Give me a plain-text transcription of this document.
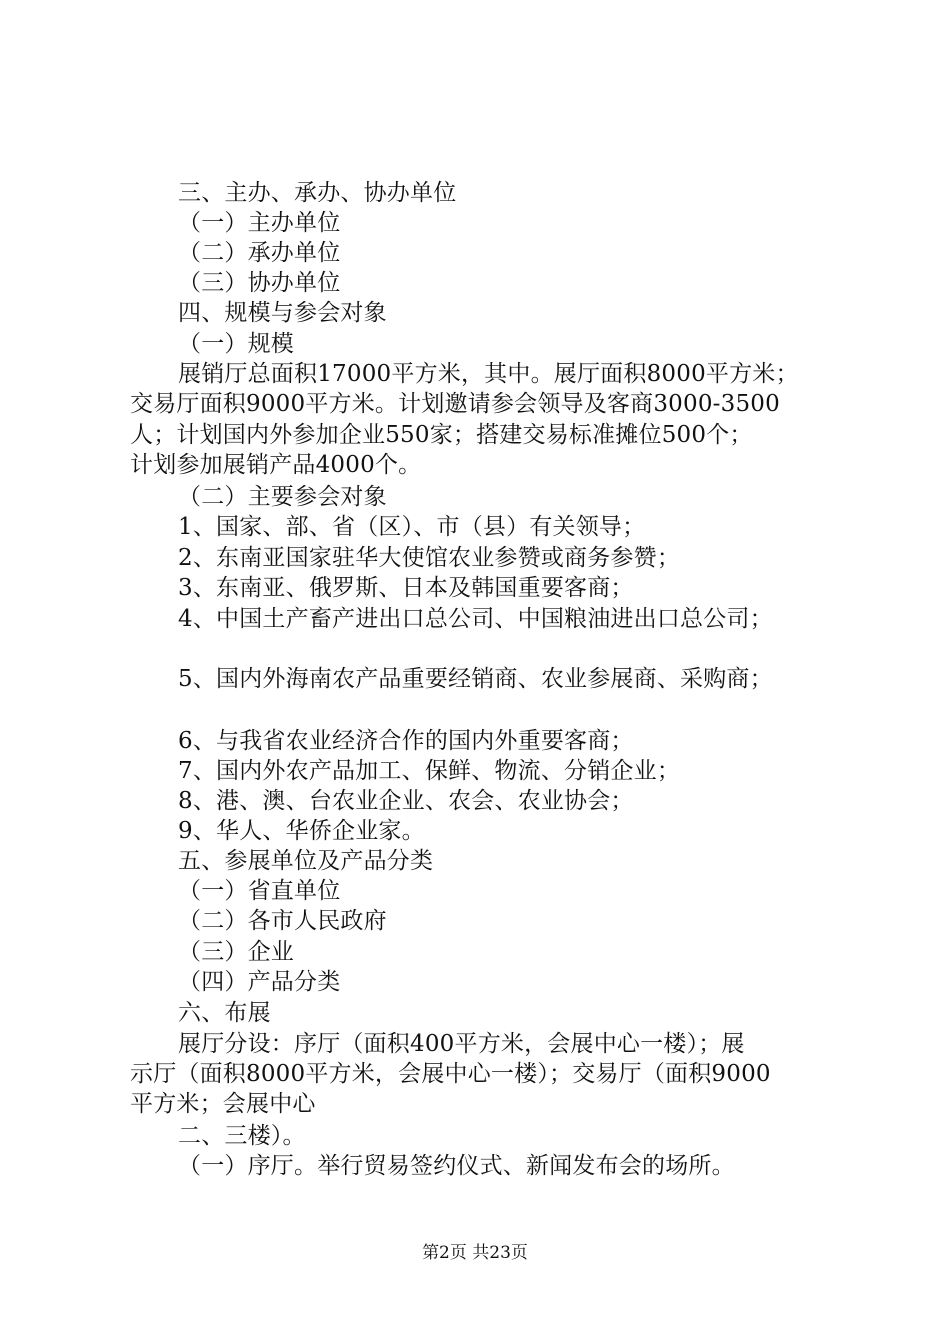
三、主办、承办、协办单位
（一）主办单位
（二）承办单位
（三）协办单位
四、规模与参会对象
（一）规模
展销厅总面积17000平方米，其中。展厅面积8000平方米；
交易厅面积9000平方米。计划邀请参会领导及客商3000-3500
人；计划国内外参加企业550家；搭建交易标准摊位500个；
计划参加展销产品4000个。
（二）主要参会对象
1、国家、部、省（区）、市（县）有关领导；
2、东南亚国家驻华大使馆农业参赞或商务参赞；
3、东南亚、俄罗斯、日本及韩国重要客商；
4、中国土产畜产进出口总公司、中国粮油进出口总公司；
5、国内外海南农产品重要经销商、农业参展商、采购商；
6、与我省农业经济合作的国内外重要客商；
7、国内外农产品加工、保鲜、物流、分销企业；
8、港、澳、台农业企业、农会、农业协会；
9、华人、华侨企业家。
五、参展单位及产品分类
（一）省直单位
（二）各市人民政府
（三）企业
（四）产品分类
六、布展
展厅分设：序厅（面积400平方米，会展中心一楼）；展
示厅（面积8000平方米，会展中心一楼）；交易厅（面积9000
平方米；会展中心
二、三楼）。
（一）序厅。举行贸易签约仪式、新闻发布会的场所。
第2页 共23页
